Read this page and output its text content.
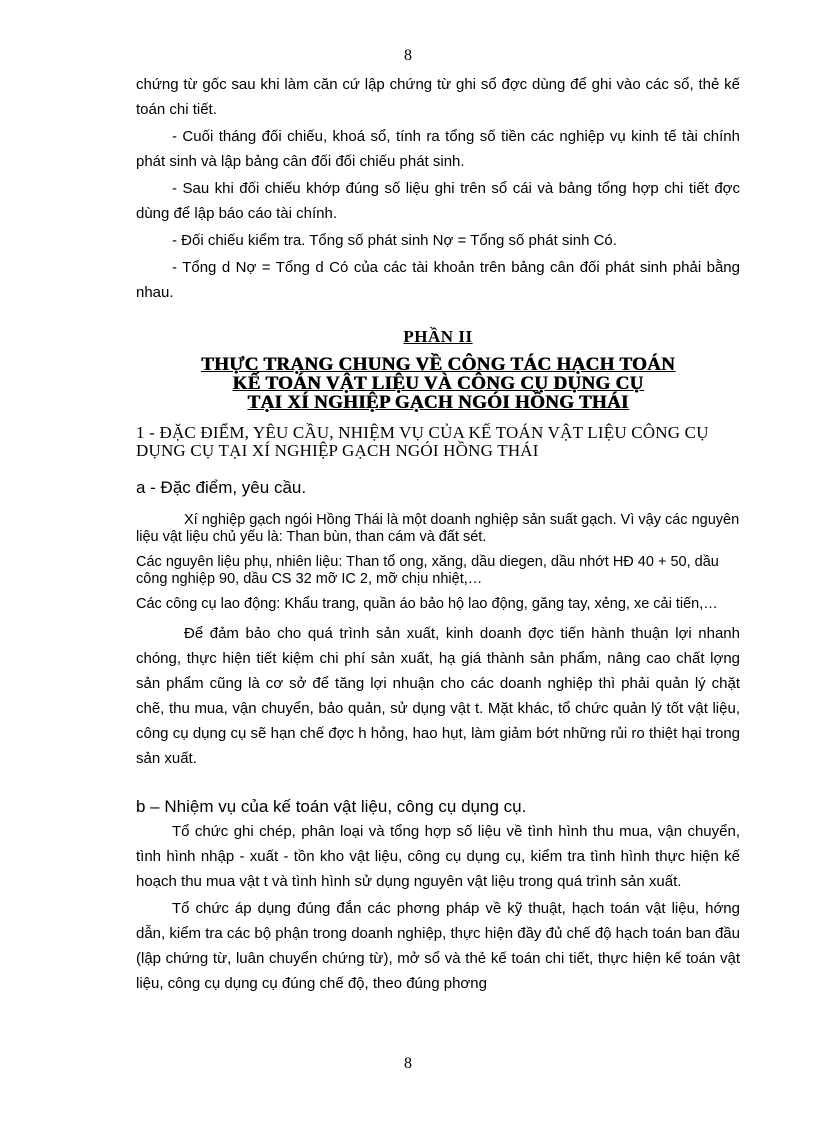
8

chứng từ gốc sau khi làm căn cứ lập chứng từ ghi sổ đợc dùng để ghi vào các sổ, thẻ kế toán chi tiết.

- Cuối tháng đối chiếu, khoá sổ, tính ra tổng số tiền các nghiệp vụ kinh tế tài chính phát sinh và lập bảng cân đối đối chiếu phát sinh.

- Sau khi đối chiếu khớp đúng số liệu ghi trên sổ cái và bảng tổng hợp chi tiết đợc dùng để lập báo cáo tài chính.

- Đối chiếu kiểm tra. Tổng số phát sinh Nợ = Tổng số phát sinh Có.

- Tổng d Nợ = Tổng d Có của các tài khoản trên bảng cân đối phát sinh phải bằng nhau.

PHẦN II

THỰC TRẠNG CHUNG VỀ CÔNG TÁC HẠCH TOÁN

KẾ TOÁN VẬT LIỆU VÀ CÔNG CỤ DỤNG CỤ

TẠI XÍ NGHIỆP GẠCH NGÓI HỒNG THÁI

1 - ĐẶC ĐIỂM, YÊU CẦU, NHIỆM VỤ CỦA KẾ TOÁN VẬT LIỆU CÔNG CỤ DỤNG CỤ TẠI XÍ NGHIỆP GẠCH NGÓI HỒNG THÁI

a - Đặc điểm, yêu cầu.

Xí nghiệp gạch ngói Hồng Thái là một doanh nghiệp sản suất gạch. Vì vậy các nguyên liệu vật liệu chủ yếu là: Than bùn, than cám và đất sét.

Các nguyên liệu phụ, nhiên liệu: Than tổ ong, xăng, dầu diegen, dầu nhớt HĐ 40 + 50, dầu công nghiệp 90, dầu CS 32 mỡ IC 2, mỡ chịu nhiệt,…

Các công cụ lao động: Khẩu trang, quần áo bảo hộ lao động, găng tay, xẻng, xe cải tiến,…

Để đảm bảo cho quá trình sản xuất, kinh doanh đợc tiến hành thuận lợi nhanh chóng, thực hiện tiết kiệm chi phí sản xuất, hạ giá thành sản phẩm, nâng cao chất lợng sản phẩm cũng là cơ sở để tăng lợi nhuận cho các doanh nghiệp thì phải quản lý chặt chẽ, thu mua, vận chuyển, bảo quản, sử dụng vật t. Mặt khác, tổ chức quản lý tốt vật liệu, công cụ dụng cụ sẽ hạn chế đợc h hỏng, hao hụt, làm giảm bớt những rủi ro thiệt hại trong sản xuất.

b – Nhiệm vụ của kế toán vật liệu, công cụ dụng cụ.

Tổ chức ghi chép, phân loại và tổng hợp số liệu về tình hình thu mua, vận chuyển, tình hình nhập - xuất - tồn kho vật liệu, công cụ dụng cụ, kiểm tra tình hình thực hiện kế hoạch thu mua vật t và tình hình sử dụng nguyên vật liệu trong quá trình sản xuất.

Tổ chức áp dụng đúng đắn các phơng pháp về kỹ thuật, hạch toán vật liệu, hớng dẫn, kiểm tra các bộ phận trong doanh nghiệp, thực hiện đầy đủ chế độ hạch toán ban đầu (lập chứng từ, luân chuyển chứng từ), mở sổ và thẻ kế toán chi tiết, thực hiện kế toán vật liệu, công cụ dụng cụ đúng chế độ, theo đúng phơng

8
